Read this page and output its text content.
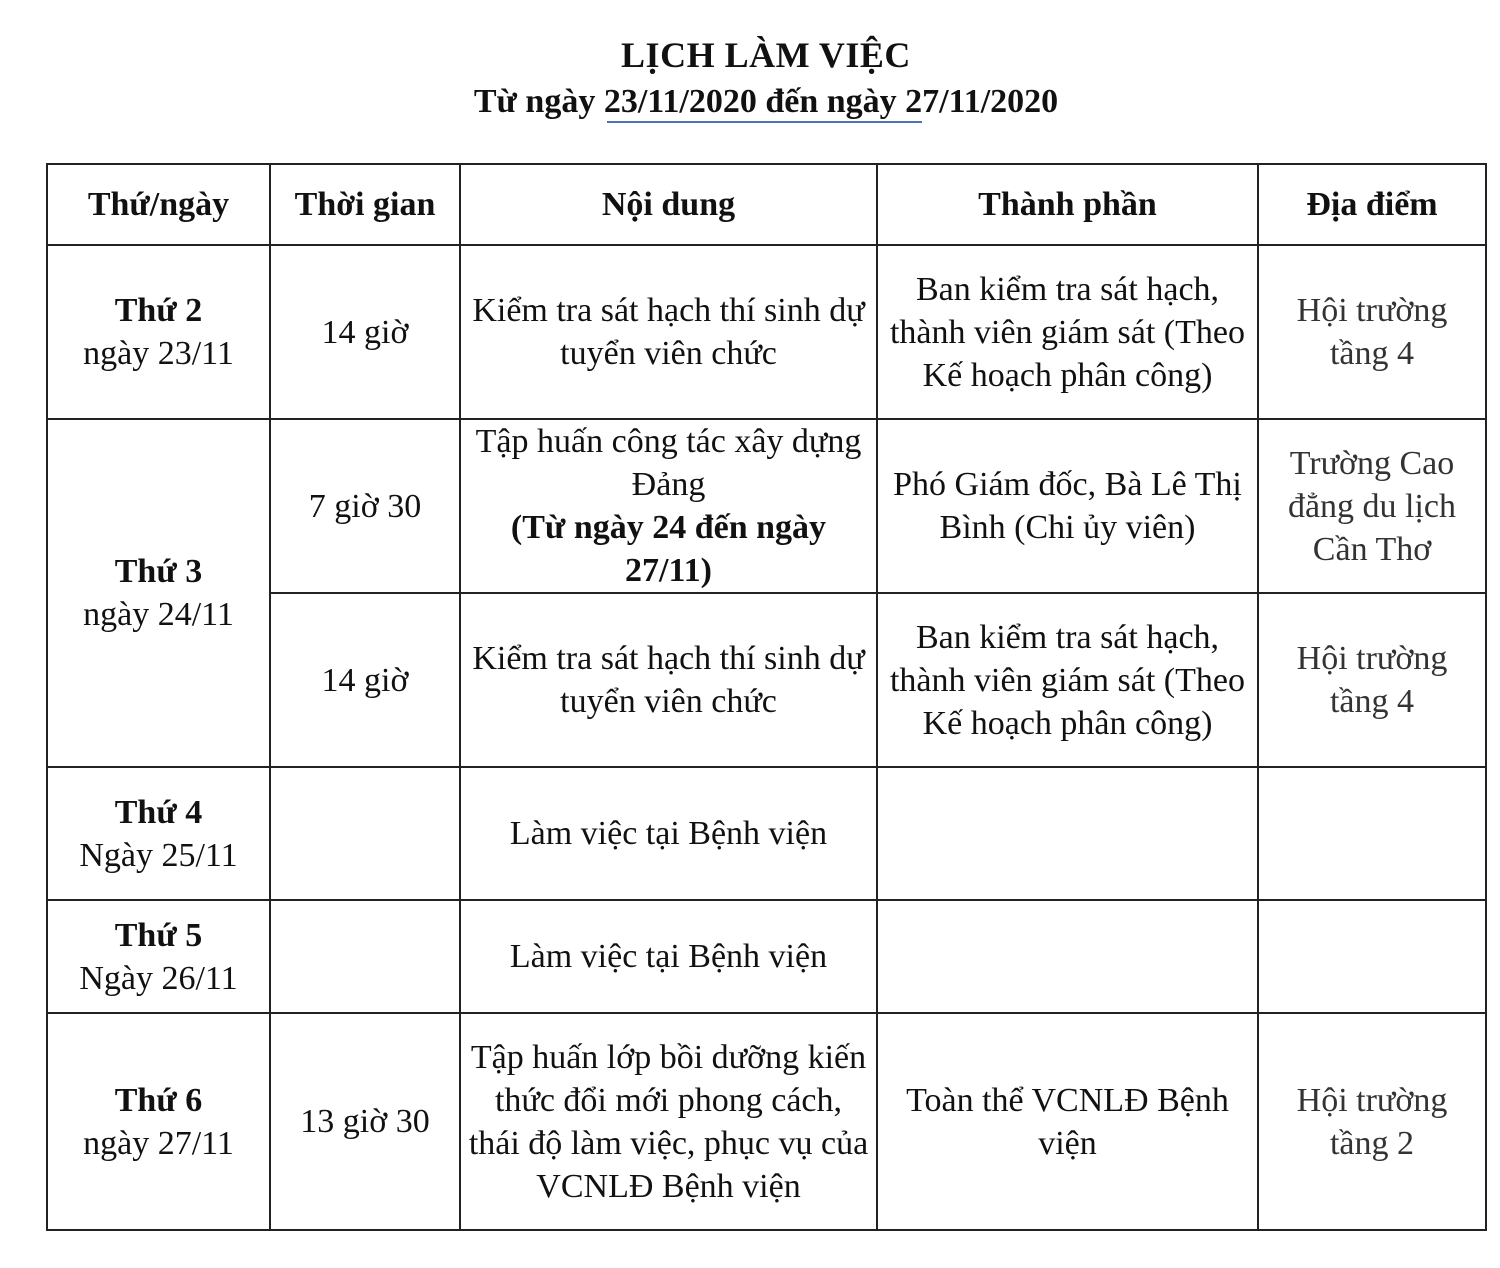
LỊCH LÀM VIỆC
Từ ngày 23/11/2020 đến ngày 27/11/2020
Thứ/ngày	Thời gian	Nội dung	Thành phần	Địa điểm

Thứ 2
ngày 23/11	14 giờ	Kiểm tra sát hạch thí sinh dự tuyển viên chức	Ban kiểm tra sát hạch, thành viên giám sát (Theo Kế hoạch phân công)	Hội trường tầng 4

Thứ 3
ngày 24/11	7 giờ 30	Tập huấn công tác xây dựng Đảng
(Từ ngày 24 đến ngày 27/11)	Phó Giám đốc, Bà Lê Thị Bình (Chi ủy viên)	Trường Cao đẳng du lịch Cần Thơ
	14 giờ	Kiểm tra sát hạch thí sinh dự tuyển viên chức	Ban kiểm tra sát hạch, thành viên giám sát (Theo Kế hoạch phân công)	Hội trường tầng 4

Thứ 4
Ngày 25/11		Làm việc tại Bệnh viện		

Thứ 5
Ngày 26/11		Làm việc tại Bệnh viện		

Thứ 6
ngày 27/11	13 giờ 30	Tập huấn lớp bồi dưỡng kiến thức đổi mới phong cách, thái độ làm việc, phục vụ của VCNLĐ Bệnh viện	Toàn thể VCNLĐ Bệnh viện	Hội trường tầng 2
